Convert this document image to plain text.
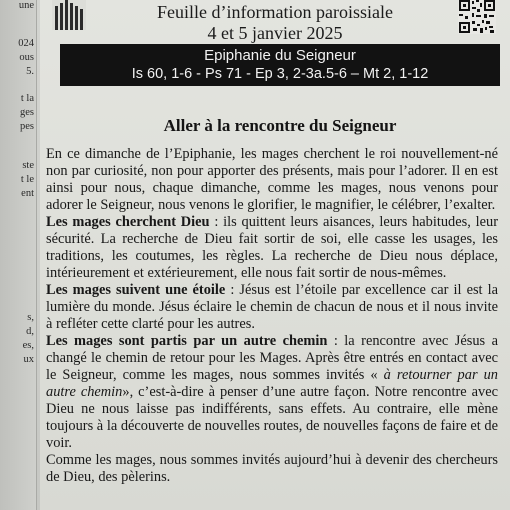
une
024
ous
5.
t la
ges
pes
ste
t le
ent
s,
d,
es,
ux
Feuille d’information paroissiale
4 et 5 janvier 2025
Epiphanie du Seigneur
Is 60, 1-6 - Ps 71 - Ep 3, 2-3a.5-6 – Mt 2, 1-12
Aller à la rencontre du Seigneur

En ce dimanche de l’Epiphanie, les mages cherchent le roi nouvellement-né non par curiosité, non pour apporter des présents, mais pour l’adorer. Il en est ainsi pour nous, chaque dimanche, comme les mages, nous venons pour adorer le Seigneur, nous venons le glorifier, le magnifier, le célébrer, l’exalter.

Les mages cherchent Dieu : ils quittent leurs aisances, leurs habitudes, leur sécurité. La recherche de Dieu fait sortir de soi, elle casse les usages, les traditions, les coutumes, les règles. La recherche de Dieu nous déplace, intérieurement et extérieurement, elle nous fait sortir de nous-mêmes.

Les mages suivent une étoile : Jésus est l’étoile par excellence car il est la lumière du monde. Jésus éclaire le chemin de chacun de nous et il nous invite à refléter cette clarté pour les autres.

Les mages sont partis par un autre chemin : la rencontre avec Jésus a changé le chemin de retour pour les Mages. Après être entrés en contact avec le Seigneur, comme les mages, nous sommes invités « à retourner par un autre chemin», c’est-à-dire à penser d’une autre façon. Notre rencontre avec Dieu ne nous laisse pas indifférents, sans effets. Au contraire, elle mène toujours à la découverte de nouvelles routes, de nouvelles façons de faire et de voir.

Comme les mages, nous sommes invités aujourd’hui à devenir des chercheurs de Dieu, des pèlerins.
